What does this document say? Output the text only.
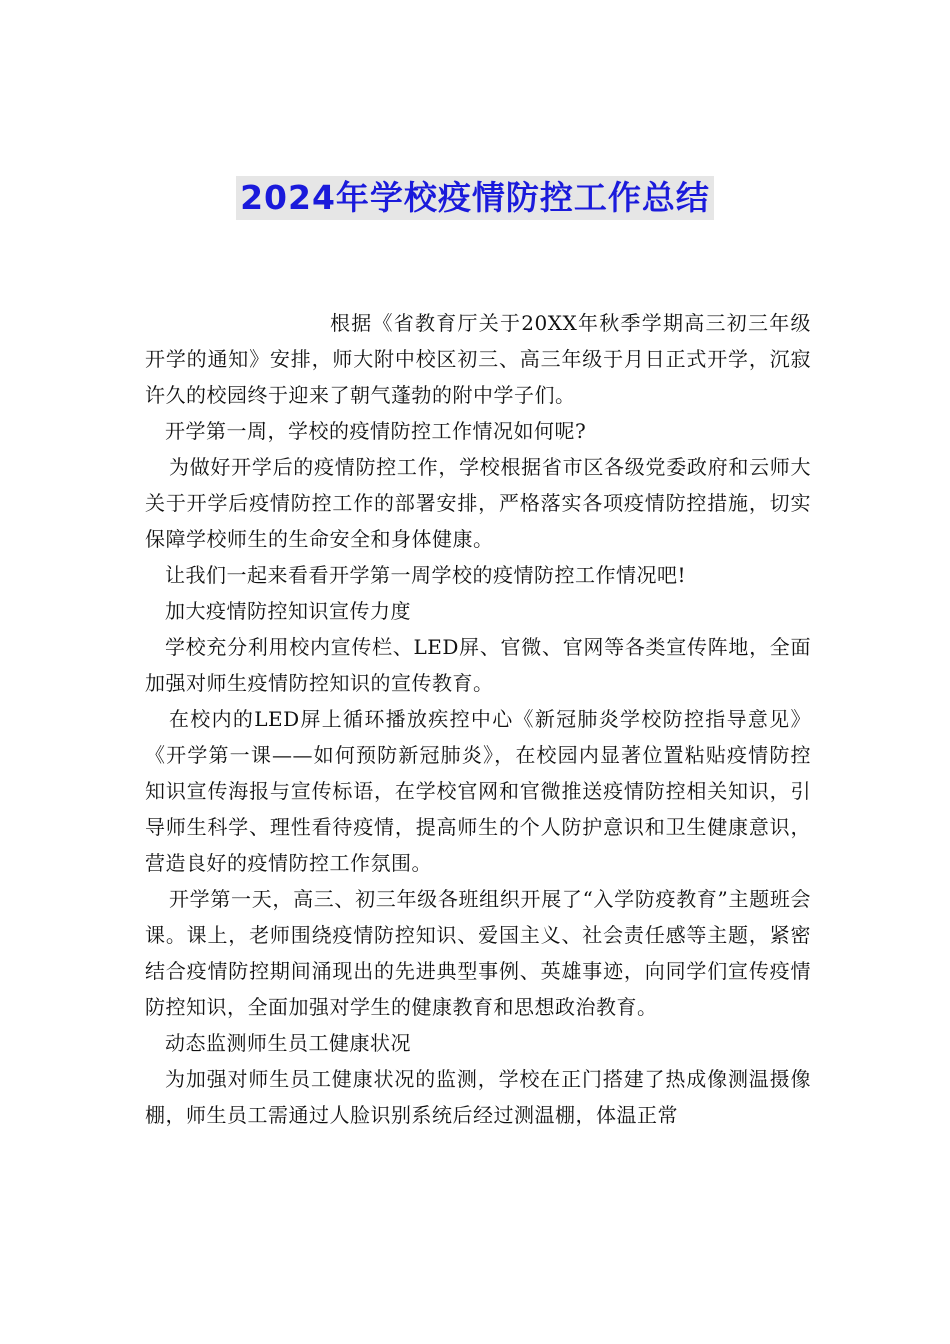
2024年学校疫情防控工作总结

根据《省教育厅关于20XX年秋季学期高三初三年级开学的通知》安排，师大附中校区初三、高三年级于月日正式开学，沉寂许久的校园终于迎来了朝气蓬勃的附中学子们。

开学第一周，学校的疫情防控工作情况如何呢?

为做好开学后的疫情防控工作，学校根据省市区各级党委政府和云师大关于开学后疫情防控工作的部署安排，严格落实各项疫情防控措施，切实保障学校师生的生命安全和身体健康。

让我们一起来看看开学第一周学校的疫情防控工作情况吧!

加大疫情防控知识宣传力度

学校充分利用校内宣传栏、LED屏、官微、官网等各类宣传阵地，全面加强对师生疫情防控知识的宣传教育。

在校内的LED屏上循环播放疾控中心《新冠肺炎学校防控指导意见》《开学第一课——如何预防新冠肺炎》，在校园内显著位置粘贴疫情防控知识宣传海报与宣传标语，在学校官网和官微推送疫情防控相关知识，引导师生科学、理性看待疫情，提高师生的个人防护意识和卫生健康意识，营造良好的疫情防控工作氛围。

开学第一天，高三、初三年级各班组织开展了“入学防疫教育”主题班会课。课上，老师围绕疫情防控知识、爱国主义、社会责任感等主题，紧密结合疫情防控期间涌现出的先进典型事例、英雄事迹，向同学们宣传疫情防控知识，全面加强对学生的健康教育和思想政治教育。

动态监测师生员工健康状况

为加强对师生员工健康状况的监测，学校在正门搭建了热成像测温摄像棚，师生员工需通过人脸识别系统后经过测温棚，体温正常
